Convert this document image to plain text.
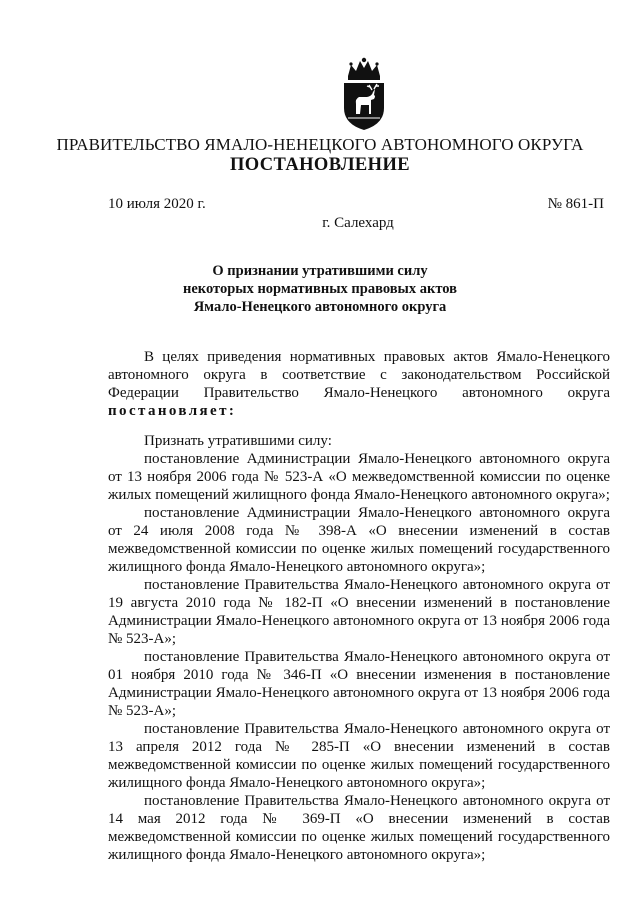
ПРАВИТЕЛЬСТВО ЯМАЛО-НЕНЕЦКОГО АВТОНОМНОГО ОКРУГА
ПОСТАНОВЛЕНИЕ
10 июля 2020 г.	№ 861-П
г. Салехард
О признании утратившими силу
некоторых нормативных правовых актов
Ямало-Ненецкого автономного округа

В целях приведения нормативных правовых актов Ямало-Ненецкого автономного округа в соответствие с законодательством Российской Федерации Правительство Ямало-Ненецкого автономного округа постановляет:

Признать утратившими силу:

постановление Администрации Ямало-Ненецкого автономного округа от 13 ноября 2006 года № 523-А «О межведомственной комиссии по оценке жилых помещений жилищного фонда Ямало-Ненецкого автономного округа»;

постановление Администрации Ямало-Ненецкого автономного округа от 24 июля 2008 года № 398-А «О внесении изменений в состав межведомственной комиссии по оценке жилых помещений государственного жилищного фонда Ямало-Ненецкого автономного округа»;

постановление Правительства Ямало-Ненецкого автономного округа от 19 августа 2010 года № 182-П «О внесении изменений в постановление Администрации Ямало-Ненецкого автономного округа от 13 ноября 2006 года № 523-А»;

постановление Правительства Ямало-Ненецкого автономного округа от 01 ноября 2010 года № 346-П «О внесении изменения в постановление Администрации Ямало-Ненецкого автономного округа от 13 ноября 2006 года № 523-А»;

постановление Правительства Ямало-Ненецкого автономного округа от 13 апреля 2012 года № 285-П «О внесении изменений в состав межведомственной комиссии по оценке жилых помещений государственного жилищного фонда Ямало-Ненецкого автономного округа»;

постановление Правительства Ямало-Ненецкого автономного округа от 14 мая 2012 года № 369-П «О внесении изменений в состав межведомственной комиссии по оценке жилых помещений государственного жилищного фонда Ямало-Ненецкого автономного округа»;
